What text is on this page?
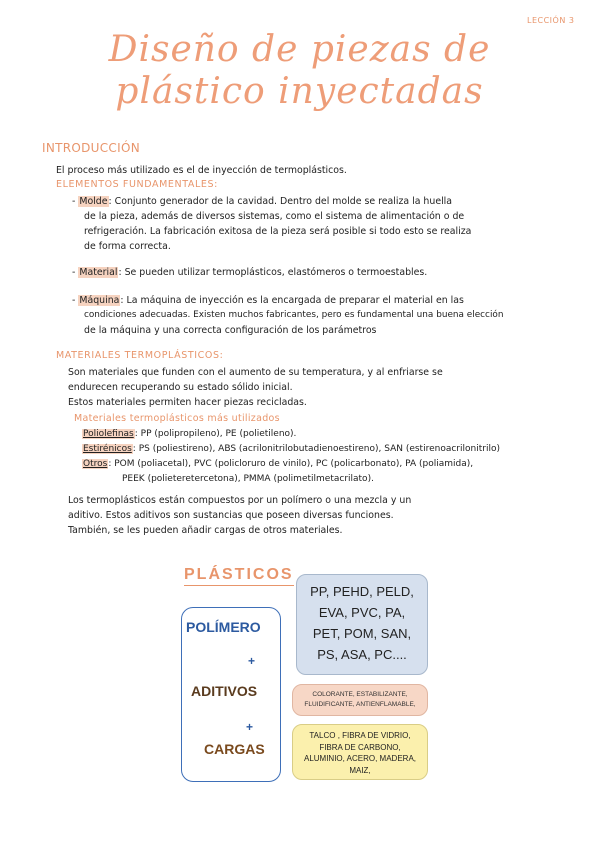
LECCIÓN 3
Diseño de piezas de
plástico inyectadas
INTRODUCCIÓN
El proceso más utilizado es el de inyección de termoplásticos.
ELEMENTOS FUNDAMENTALES:
- Molde: Conjunto generador de la cavidad. Dentro del molde se realiza la huella
de la pieza, además de diversos sistemas, como el sistema de alimentación o de
refrigeración. La fabricación exitosa de la pieza será posible si todo esto se realiza
de forma correcta.
- Material: Se pueden utilizar termoplásticos, elastómeros o termoestables.
- Máquina: La máquina de inyección es la encargada de preparar el material en las
condiciones adecuadas. Existen muchos fabricantes, pero es fundamental una buena elección
de la máquina y una correcta configuración de los parámetros
MATERIALES TERMOPLÁSTICOS:
Son materiales que funden con el aumento de su temperatura, y al enfriarse se
endurecen recuperando su estado sólido inicial.
Estos materiales permiten hacer piezas recicladas.
Materiales termoplásticos más utilizados
Poliolefinas: PP (polipropileno), PE (polietileno).
Estirénicos: PS (poliestireno), ABS (acrilonitrilobutadienoestireno), SAN (estirenoacrilonitrilo)
Otros: POM (poliacetal), PVC (policloruro de vinilo), PC (policarbonato), PA (poliamida),
PEEK (polieteretercetona), PMMA (polimetilmetacrilato).
Los termoplásticos están compuestos por un polímero o una mezcla y un
aditivo. Estos aditivos son sustancias que poseen diversas funciones.
También, se les pueden añadir cargas de otros materiales.
PLÁSTICOS
POLÍMERO
+
ADITIVOS
+
CARGAS
PP, PEHD, PELD,
EVA, PVC, PA,
PET, POM, SAN,
PS, ASA, PC....
COLORANTE, ESTABILIZANTE,
FLUIDIFICANTE, ANTIENFLAMABLE,
TALCO , FIBRA DE VIDRIO,
FIBRA DE CARBONO,
ALUMINIO, ACERO, MADERA,
MAIZ,
